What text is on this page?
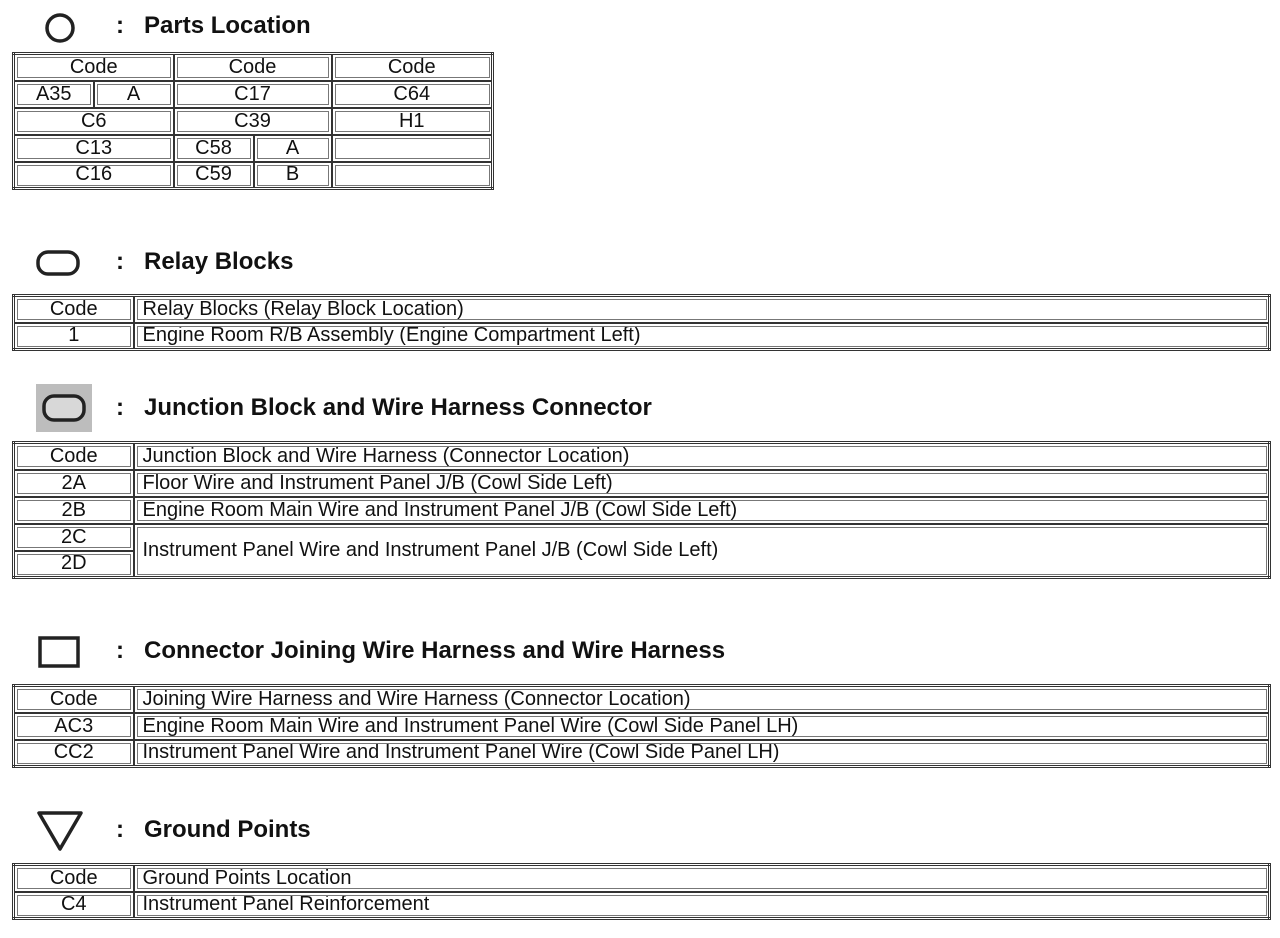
: Parts Location
Code		Code		Code
A35	A	C17		C64
C6		C39		H1
C13		C58	A	
C16		C59	B	
: Relay Blocks
Code	Relay Blocks (Relay Block Location)
1	Engine Room R/B Assembly (Engine Compartment Left)
: Junction Block and Wire Harness Connector
Code	Junction Block and Wire Harness (Connector Location)
2A	Floor Wire and Instrument Panel J/B (Cowl Side Left)
2B	Engine Room Main Wire and Instrument Panel J/B (Cowl Side Left)
2C	Instrument Panel Wire and Instrument Panel J/B (Cowl Side Left)
2D	
: Connector Joining Wire Harness and Wire Harness
Code	Joining Wire Harness and Wire Harness (Connector Location)
AC3	Engine Room Main Wire and Instrument Panel Wire (Cowl Side Panel LH)
CC2	Instrument Panel Wire and Instrument Panel Wire (Cowl Side Panel LH)
: Ground Points
Code	Ground Points Location
C4	Instrument Panel Reinforcement
